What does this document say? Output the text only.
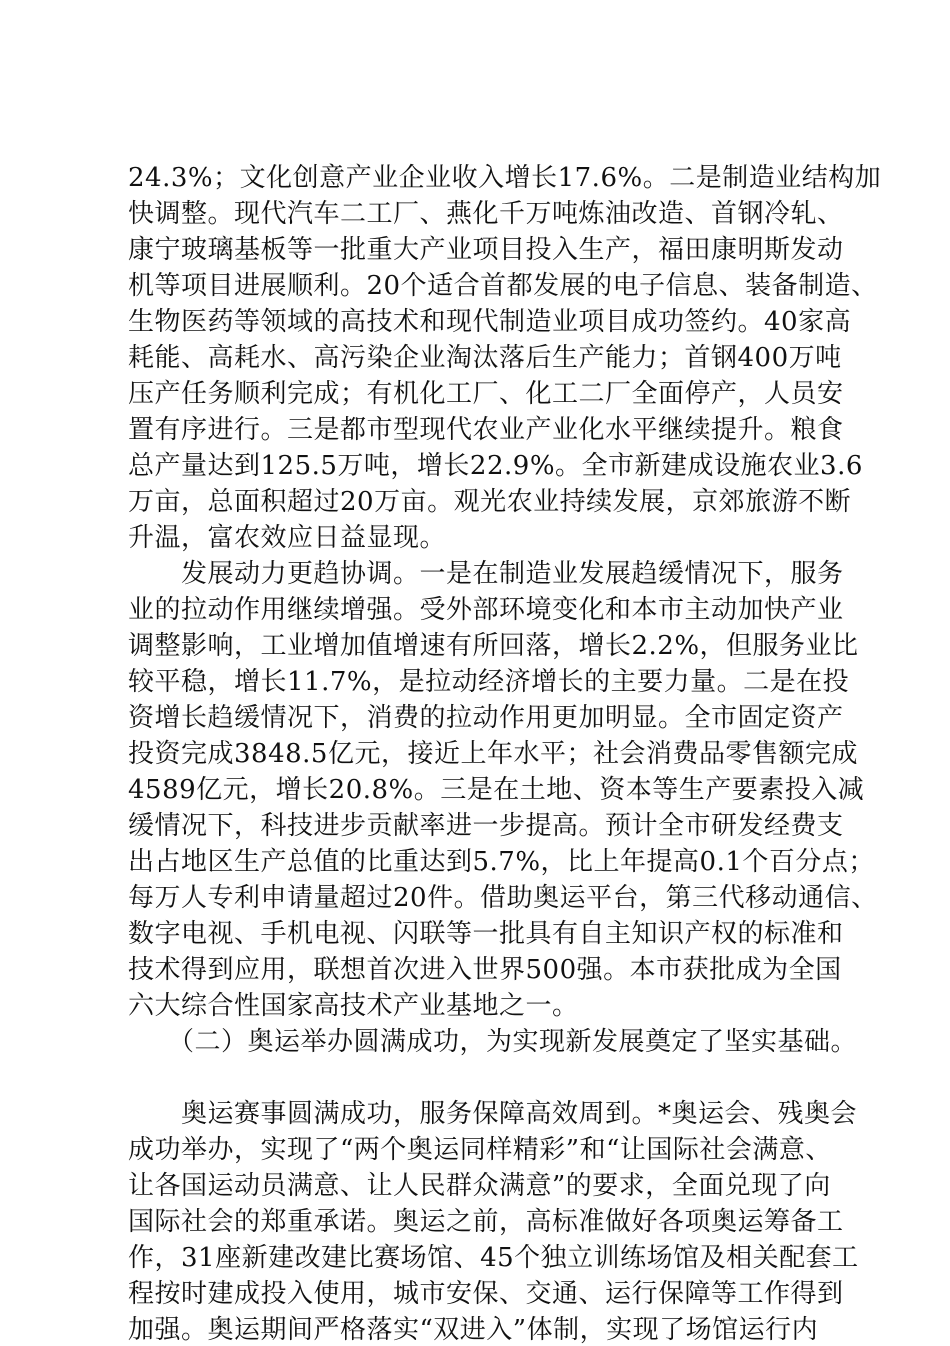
24.3%；文化创意产业企业收入增长17.6%。二是制造业结构加
快调整。现代汽车二工厂、燕化千万吨炼油改造、首钢冷轧、
康宁玻璃基板等一批重大产业项目投入生产，福田康明斯发动
机等项目进展顺利。20个适合首都发展的电子信息、装备制造、
生物医药等领域的高技术和现代制造业项目成功签约。40家高
耗能、高耗水、高污染企业淘汰落后生产能力；首钢400万吨
压产任务顺利完成；有机化工厂、化工二厂全面停产，人员安
置有序进行。三是都市型现代农业产业化水平继续提升。粮食
总产量达到125.5万吨，增长22.9%。全市新建成设施农业3.6
万亩，总面积超过20万亩。观光农业持续发展，京郊旅游不断
升温，富农效应日益显现。
　　发展动力更趋协调。一是在制造业发展趋缓情况下，服务
业的拉动作用继续增强。受外部环境变化和本市主动加快产业
调整影响，工业增加值增速有所回落，增长2.2%，但服务业比
较平稳，增长11.7%，是拉动经济增长的主要力量。二是在投
资增长趋缓情况下，消费的拉动作用更加明显。全市固定资产
投资完成3848.5亿元，接近上年水平；社会消费品零售额完成
4589亿元，增长20.8%。三是在土地、资本等生产要素投入减
缓情况下，科技进步贡献率进一步提高。预计全市研发经费支
出占地区生产总值的比重达到5.7%，比上年提高0.1个百分点；
每万人专利申请量超过20件。借助奥运平台，第三代移动通信、
数字电视、手机电视、闪联等一批具有自主知识产权的标准和
技术得到应用，联想首次进入世界500强。本市获批成为全国
六大综合性国家高技术产业基地之一。
　　（二）奥运举办圆满成功，为实现新发展奠定了坚实基础。
　　奥运赛事圆满成功，服务保障高效周到。*奥运会、残奥会
成功举办，实现了“两个奥运同样精彩”和“让国际社会满意、
让各国运动员满意、让人民群众满意”的要求，全面兑现了向
国际社会的郑重承诺。奥运之前，高标准做好各项奥运筹备工
作，31座新建改建比赛场馆、45个独立训练场馆及相关配套工
程按时建成投入使用，城市安保、交通、运行保障等工作得到
加强。奥运期间严格落实“双进入”体制，实现了场馆运行内
